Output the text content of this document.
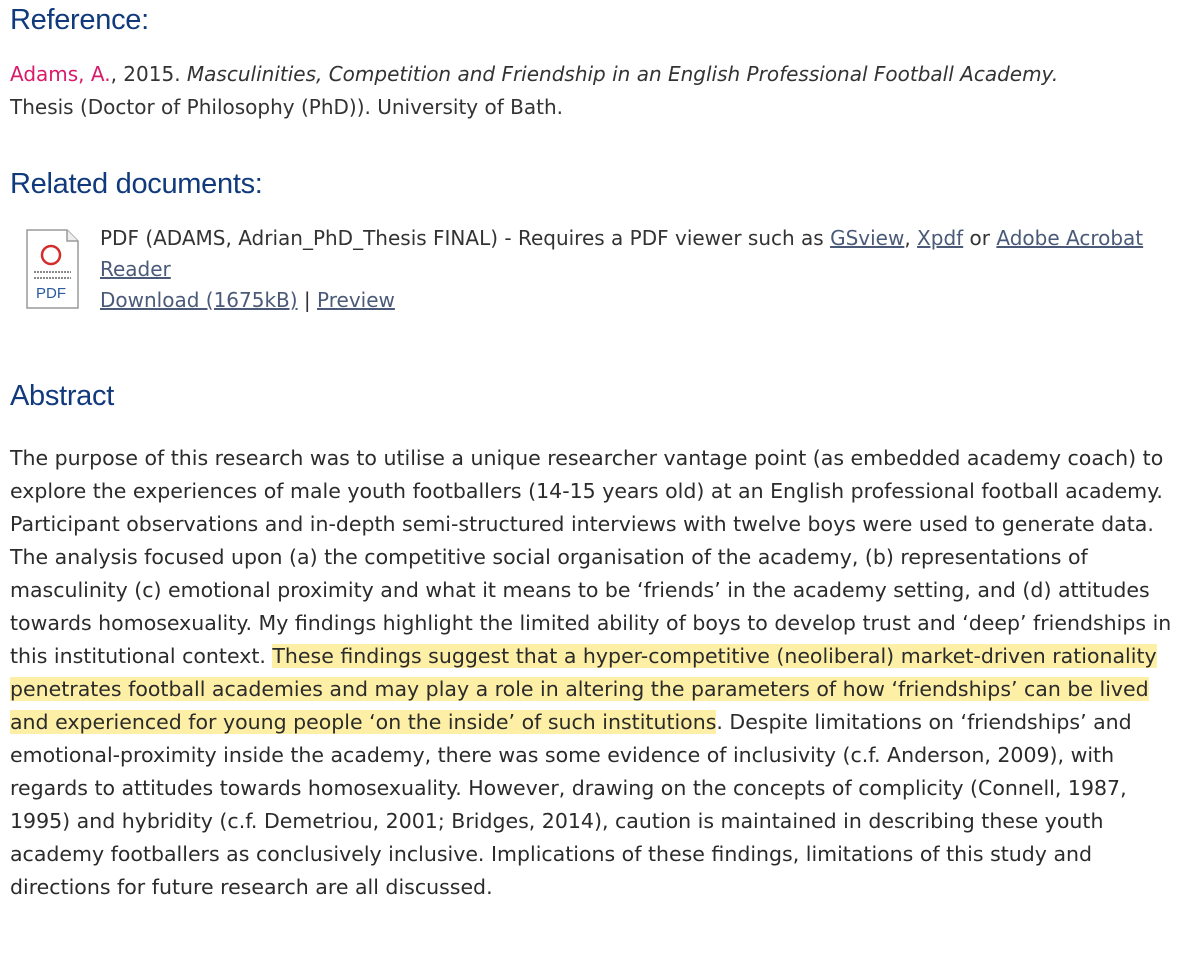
Reference:
Adams, A., 2015. Masculinities, Competition and Friendship in an English Professional Football Academy.
Thesis (Doctor of Philosophy (PhD)). University of Bath.
Related documents:
PDF
PDF (ADAMS, Adrian_PhD_Thesis FINAL) - Requires a PDF viewer such as GSview, Xpdf or Adobe Acrobat Reader
Download (1675kB) | Preview
Abstract

The purpose of this research was to utilise a unique researcher vantage point (as embedded academy coach) to explore the experiences of male youth footballers (14-15 years old) at an English professional football academy. Participant observations and in-depth semi-structured interviews with twelve boys were used to generate data. The analysis focused upon (a) the competitive social organisation of the academy, (b) representations of masculinity (c) emotional proximity and what it means to be ‘friends’ in the academy setting, and (d) attitudes towards homosexuality. My findings highlight the limited ability of boys to develop trust and ‘deep’ friendships in this institutional context. These findings suggest that a hyper-competitive (neoliberal) market-driven rationality penetrates football academies and may play a role in altering the parameters of how ‘friendships’ can be lived and experienced for young people ‘on the inside’ of such institutions. Despite limitations on ‘friendships’ and emotional-proximity inside the academy, there was some evidence of inclusivity (c.f. Anderson, 2009), with regards to attitudes towards homosexuality. However, drawing on the concepts of complicity (Connell, 1987, 1995) and hybridity (c.f. Demetriou, 2001; Bridges, 2014), caution is maintained in describing these youth academy footballers as conclusively inclusive. Implications of these findings, limitations of this study and directions for future research are all discussed.
